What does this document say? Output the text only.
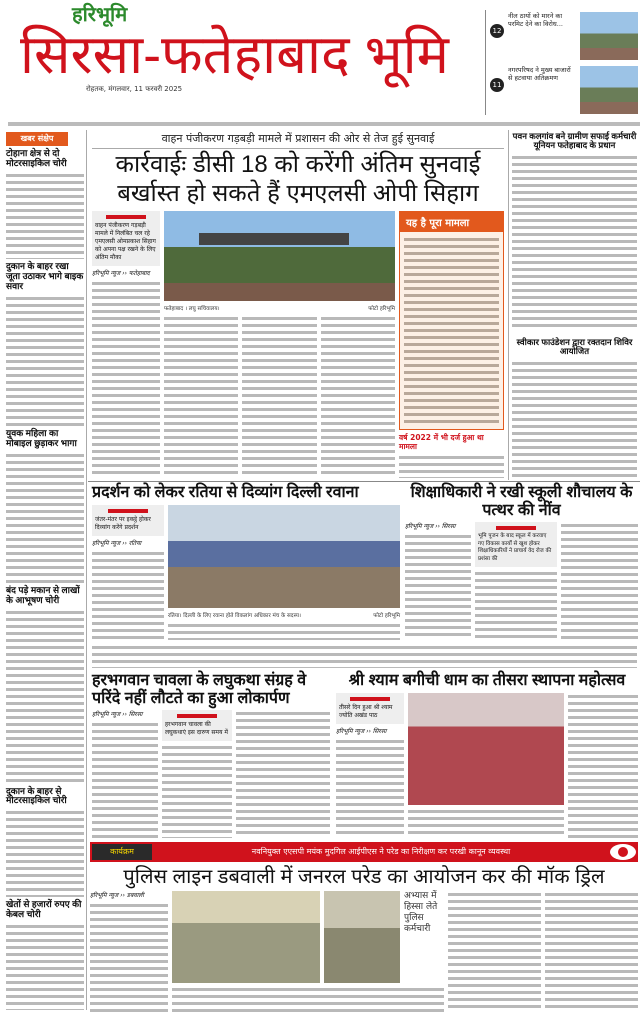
हरिभूमि
सिरसा-फतेहाबाद भूमि
रोहतक, मंगलवार, 11 फरवरी 2025
12
नील ठायों को मारने का परमिट देने का विरोध...
11
नगरपरिषद ने मुख्य बाजारों से हटवाया अतिक्रमण
खबर संक्षेप
टोहाना क्षेत्र से दो मोटरसाइकिल चोरी
दुकान के बाहर रखा जूता उठाकर भागे बाइक सवार
युवक महिला का मोबाइल छुड़ाकर भागा
बंद पड़े मकान से लाखों के आभूषण चोरी
दुकान के बाहर से मोटरसाइकिल चोरी
खेतों से हजारों रुपए की केबल चोरी
वाहन पंजीकरण गड़बड़ी मामले में प्रशासन की ओर से तेज हुई सुनवाई
कार्रवाईः डीसी 18 को करेंगी अंतिम सुनवाई
बर्खास्त हो सकते हैं एमएलसी ओपी सिहाग
वाहन पंजीकरण गड़बड़ी मामले में निलंबित चल रहे एमएलसी ओमप्रकाश सिहाग को अपना पक्ष रखने के लिए अंतिम मौका
हरिभूमि न्यूज ›› फतेहाबाद
फतेहाबाद । लघु सचिवालय।	फोटो हरिभूमि
यह है पूरा मामला
वर्ष 2022 में भी दर्ज हुआ था मामला
पवन कलगांव बने ग्रामीण सफाई कर्मचारी यूनियन फतेहाबाद के प्रधान
स्वीकार फाउंडेशन द्वारा रक्तदान शिविर आयोजित
प्रदर्शन को लेकर रतिया से दिव्यांग दिल्ली रवाना
जंतर-मंतर पर इकट्ठे होकर दिव्यांग करेंगे प्रदर्शन
हरिभूमि न्यूज ›› रतिया
रतिया। दिल्ली के लिए रवाना होते विकलांग अधिकार मंच के सदस्य।	फोटो हरिभूमि
शिक्षाधिकारी ने रखी स्कूली शौचालय के पत्थर की नींव
हरिभूमि न्यूज ›› सिरसा
भूमि पूजन के बाद स्कूल में करवाए गए विकास कार्यों से खुश होकर शिक्षाधिकारियों ने प्राचार्य वेद रोज की प्रशंसा की
हरभगवान चावला के लघुकथा संग्रह वे परिंदे नहीं लौटते का हुआ लोकार्पण
हरिभूमि न्यूज ›› सिरसा
हरभगवान चावला की लघुकथाएं इस दारुण समय में
श्री श्याम बगीची धाम का तीसरा स्थापना महोत्सव
तीसरे दिन हुआ श्री श्याम ज्योति अखंड पाठ
हरिभूमि न्यूज ›› सिरसा
कार्यक्रम	नवनियुक्त एएसपी मयंक मुदगिल आईपीएस ने परेड का निरीक्षण कर परखी कानून व्यवस्था
पुलिस लाइन डबवाली में जनरल परेड का आयोजन कर की मॉक ड्रिल
हरिभूमि न्यूज ›› डबवाली	अभ्यास में हिस्सा लेते पुलिस कर्मचारी
